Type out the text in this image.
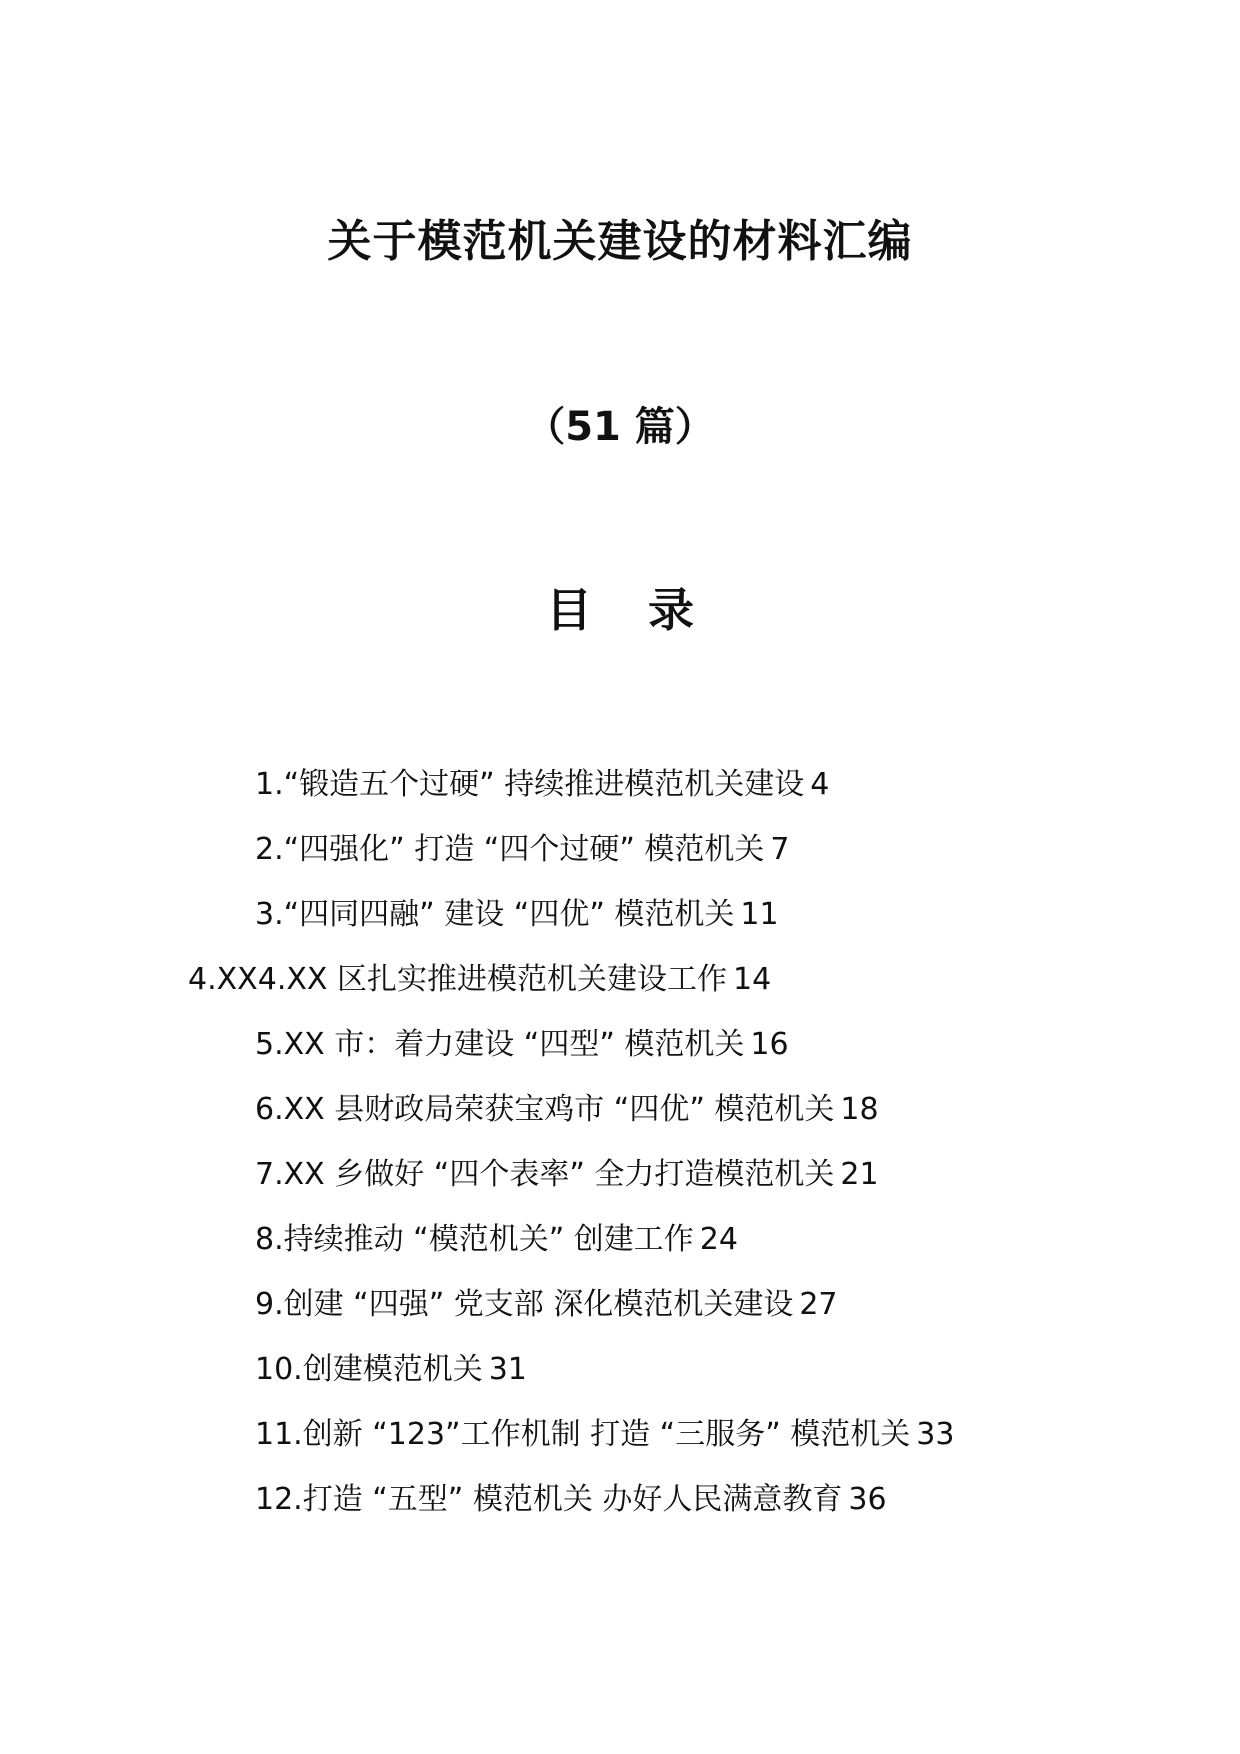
关于模范机关建设的材料汇编
（51 篇）
目 录
1.“锻造五个过硬” 持续推进模范机关建设 4
2.“四强化” 打造 “四个过硬” 模范机关 7
3.“四同四融” 建设 “四优” 模范机关 11
4.XX4.XX 区扎实推进模范机关建设工作 14
5.XX 市：着力建设 “四型” 模范机关 16
6.XX 县财政局荣获宝鸡市 “四优” 模范机关 18
7.XX 乡做好 “四个表率” 全力打造模范机关 21
8.持续推动 “模范机关” 创建工作 24
9.创建 “四强” 党支部 深化模范机关建设 27
10.创建模范机关 31
11.创新 “123”工作机制 打造 “三服务” 模范机关 33
12.打造 “五型” 模范机关 办好人民满意教育 36
